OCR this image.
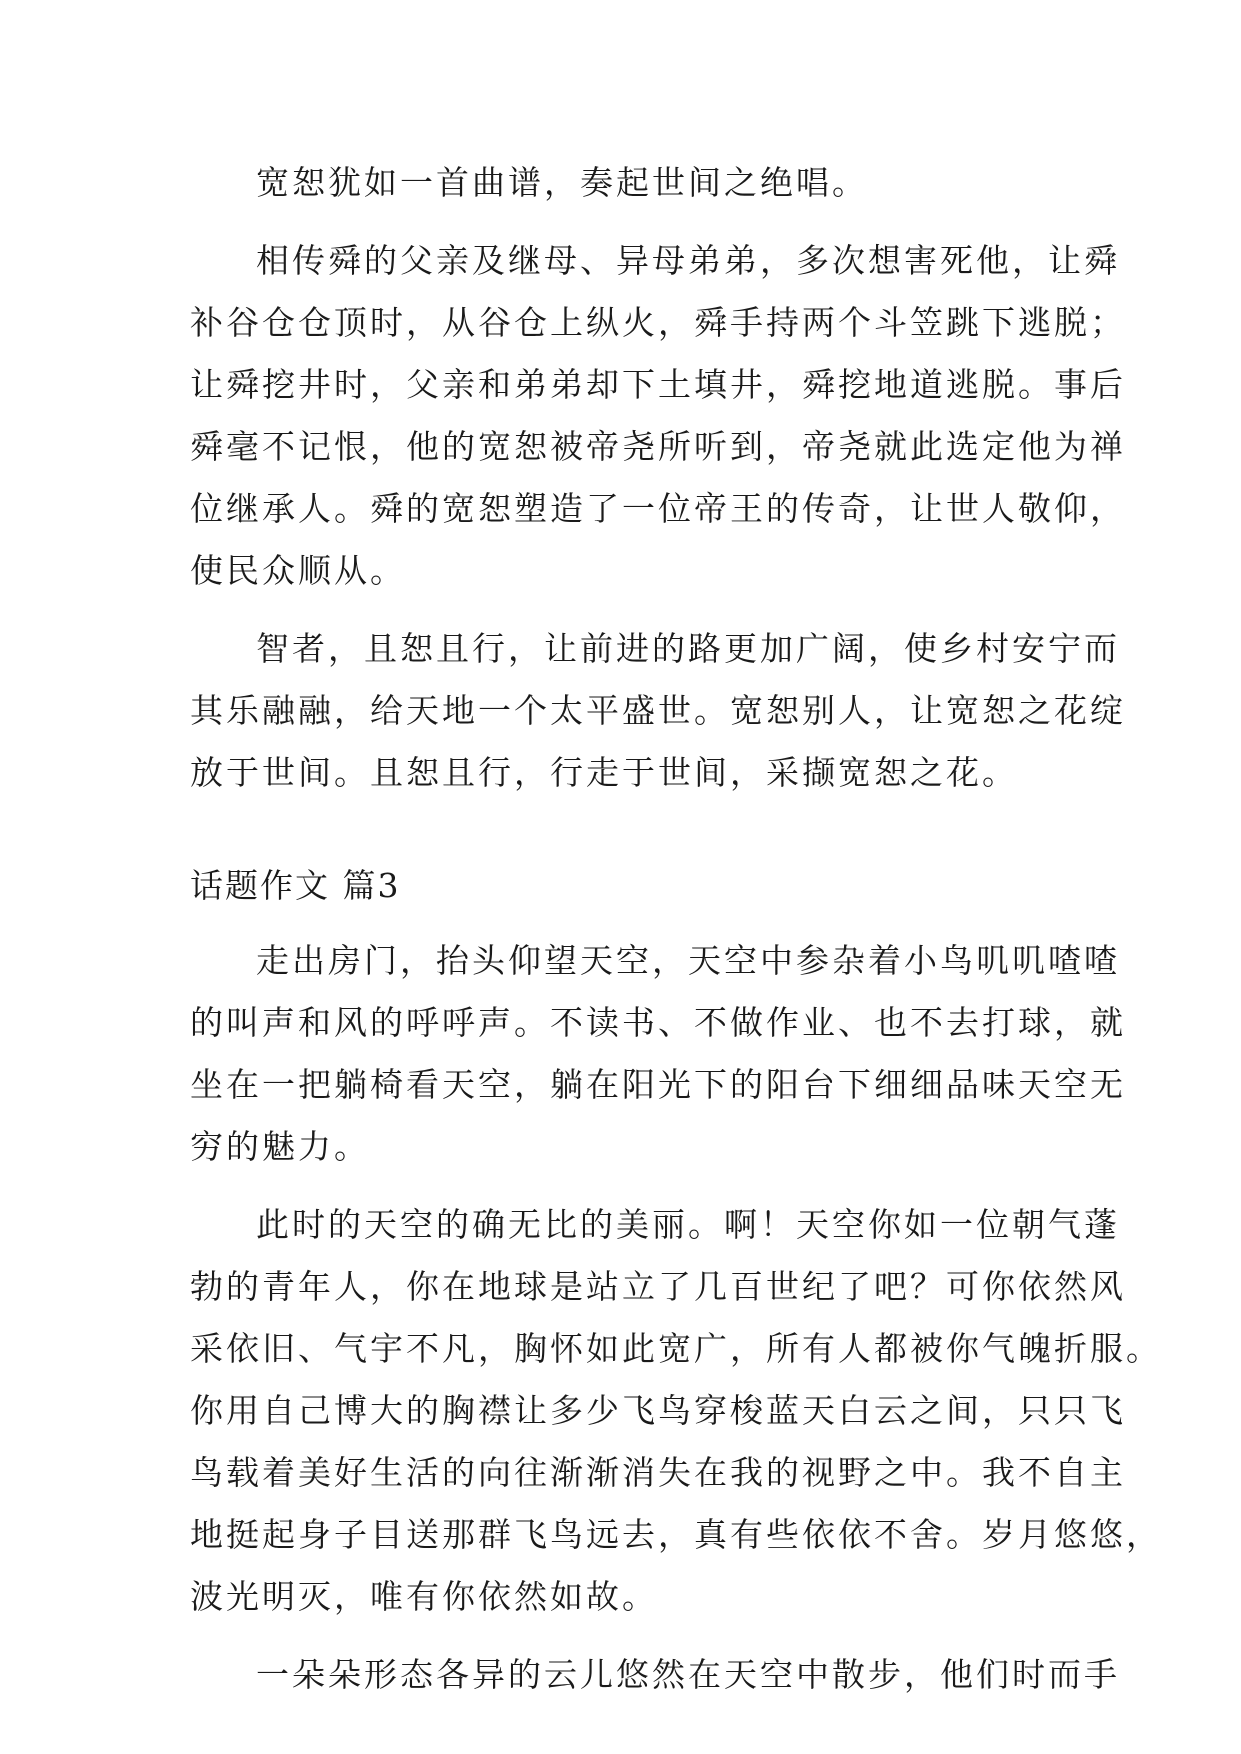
宽恕犹如一首曲谱，奏起世间之绝唱。
相传舜的父亲及继母、异母弟弟，多次想害死他，让舜
补谷仓仓顶时，从谷仓上纵火，舜手持两个斗笠跳下逃脱；
让舜挖井时，父亲和弟弟却下土填井，舜挖地道逃脱。事后
舜毫不记恨，他的宽恕被帝尧所听到，帝尧就此选定他为禅
位继承人。舜的宽恕塑造了一位帝王的传奇，让世人敬仰，
使民众顺从。
智者，且恕且行，让前进的路更加广阔，使乡村安宁而
其乐融融，给天地一个太平盛世。宽恕别人，让宽恕之花绽
放于世间。且恕且行，行走于世间，采撷宽恕之花。
话题作文 篇3
走出房门，抬头仰望天空，天空中参杂着小鸟叽叽喳喳
的叫声和风的呼呼声。不读书、不做作业、也不去打球，就
坐在一把躺椅看天空，躺在阳光下的阳台下细细品味天空无
穷的魅力。
此时的天空的确无比的美丽。啊！天空你如一位朝气蓬
勃的青年人，你在地球是站立了几百世纪了吧？可你依然风
采依旧、气宇不凡，胸怀如此宽广，所有人都被你气魄折服。
你用自己博大的胸襟让多少飞鸟穿梭蓝天白云之间，只只飞
鸟载着美好生活的向往渐渐消失在我的视野之中。我不自主
地挺起身子目送那群飞鸟远去，真有些依依不舍。岁月悠悠，
波光明灭，唯有你依然如故。
一朵朵形态各异的云儿悠然在天空中散步，他们时而手
